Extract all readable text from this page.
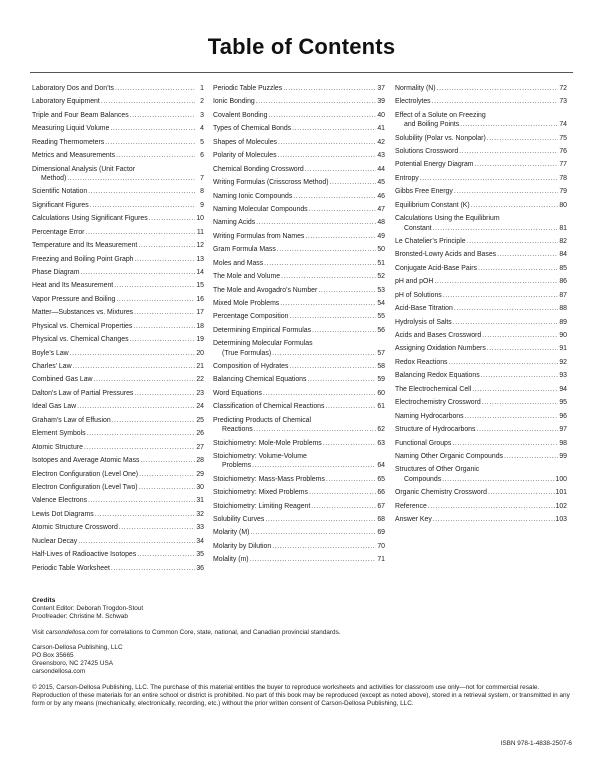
Table of Contents
Laboratory Dos and Don’ts .....	1
Laboratory Equipment .....	2
Triple and Four Beam Balances .....	3
Measuring Liquid Volume .....	4
Reading Thermometers .....	5
Metrics and Measurements .....	6
Dimensional Analysis (Unit Factor
Method) .....	7
Scientific Notation .....	8
Significant Figures .....	9
Calculations Using Significant Figures .....	10
Percentage Error .....	11
Temperature and Its Measurement .....	12
Freezing and Boiling Point Graph .....	13
Phase Diagram .....	14
Heat and Its Measurement .....	15
Vapor Pressure and Boiling .....	16
Matter—Substances vs. Mixtures .....	17
Physical vs. Chemical Properties .....	18
Physical vs. Chemical Changes .....	19
Boyle’s Law .....	20
Charles’ Law .....	21
Combined Gas Law .....	22
Dalton’s Law of Partial Pressures .....	23
Ideal Gas Law .....	24
Graham’s Law of Effusion .....	25
Element Symbols .....	26
Atomic Structure .....	27
Isotopes and Average Atomic Mass .....	28
Electron Configuration (Level One) .....	29
Electron Configuration (Level Two) .....	30
Valence Electrons .....	31
Lewis Dot Diagrams .....	32
Atomic Structure Crossword .....	33
Nuclear Decay .....	34
Half-Lives of Radioactive Isotopes .....	35
Periodic Table Worksheet .....	36
Periodic Table Puzzles .....	37
Ionic Bonding .....	39
Covalent Bonding .....	40
Types of Chemical Bonds .....	41
Shapes of Molecules .....	42
Polarity of Molecules .....	43
Chemical Bonding Crossword .....	44
Writing Formulas (Crisscross Method) .....	45
Naming Ionic Compounds .....	46
Naming Molecular Compounds .....	47
Naming Acids .....	48
Writing Formulas from Names .....	49
Gram Formula Mass .....	50
Moles and Mass .....	51
The Mole and Volume .....	52
The Mole and Avogadro’s Number .....	53
Mixed Mole Problems .....	54
Percentage Composition .....	55
Determining Empirical Formulas .....	56
Determining Molecular Formulas
(True Formulas) .....	57
Composition of Hydrates .....	58
Balancing Chemical Equations .....	59
Word Equations .....	60
Classification of Chemical Reactions .....	61
Predicting Products of Chemical
Reactions .....	62
Stoichiometry: Mole-Mole Problems .....	63
Stoichiometry: Volume-Volume
Problems .....	64
Stoichiometry: Mass-Mass Problems .....	65
Stoichiometry: Mixed Problems .....	66
Stoichiometry: Limiting Reagent .....	67
Solubility Curves .....	68
Molarity (M) .....	69
Molarity by Dilution .....	70
Molality (m) .....	71
Normality (N) .....	72
Electrolytes .....	73
Effect of a Solute on Freezing
and Boiling Points .....	74
Solubility (Polar vs. Nonpolar) .....	75
Solutions Crossword .....	76
Potential Energy Diagram .....	77
Entropy .....	78
Gibbs Free Energy .....	79
Equilibrium Constant (K) .....	80
Calculations Using the Equilibrium
Constant .....	81
Le Chatelier’s Principle .....	82
Bronsted-Lowry Acids and Bases .....	84
Conjugate Acid-Base Pairs .....	85
pH and pOH .....	86
pH of Solutions .....	87
Acid-Base Titration .....	88
Hydrolysis of Salts .....	89
Acids and Bases Crossword .....	90
Assigning Oxidation Numbers .....	91
Redox Reactions .....	92
Balancing Redox Equations .....	93
The Electrochemical Cell .....	94
Electrochemistry Crossword .....	95
Naming Hydrocarbons .....	96
Structure of Hydrocarbons .....	97
Functional Groups .....	98
Naming Other Organic Compounds .....	99
Structures of Other Organic
Compounds .....	100
Organic Chemistry Crossword .....	101
Reference .....	102
Answer Key .....	103

Credits

Content Editor: Deborah Trogdon-Stout

Proofreader: Christine M. Schwab

Visit carsondellosa.com for correlations to Common Core, state, national, and Canadian provincial standards.

Carson-Dellosa Publishing, LLC

PO Box 35665

Greensboro, NC 27425 USA

carsondellosa.com

© 2015, Carson-Dellosa Publishing, LLC. The purchase of this material entitles the buyer to reproduce worksheets and activities for classroom use only—not for commercial resale. Reproduction of these materials for an entire school or district is prohibited. No part of this book may be reproduced (except as noted above), stored in a retrieval system, or transmitted in any form or by any means (mechanically, electronically, recording, etc.) without the prior written consent of Carson-Dellosa Publishing, LLC.

ISBN 978-1-4838-2507-6
